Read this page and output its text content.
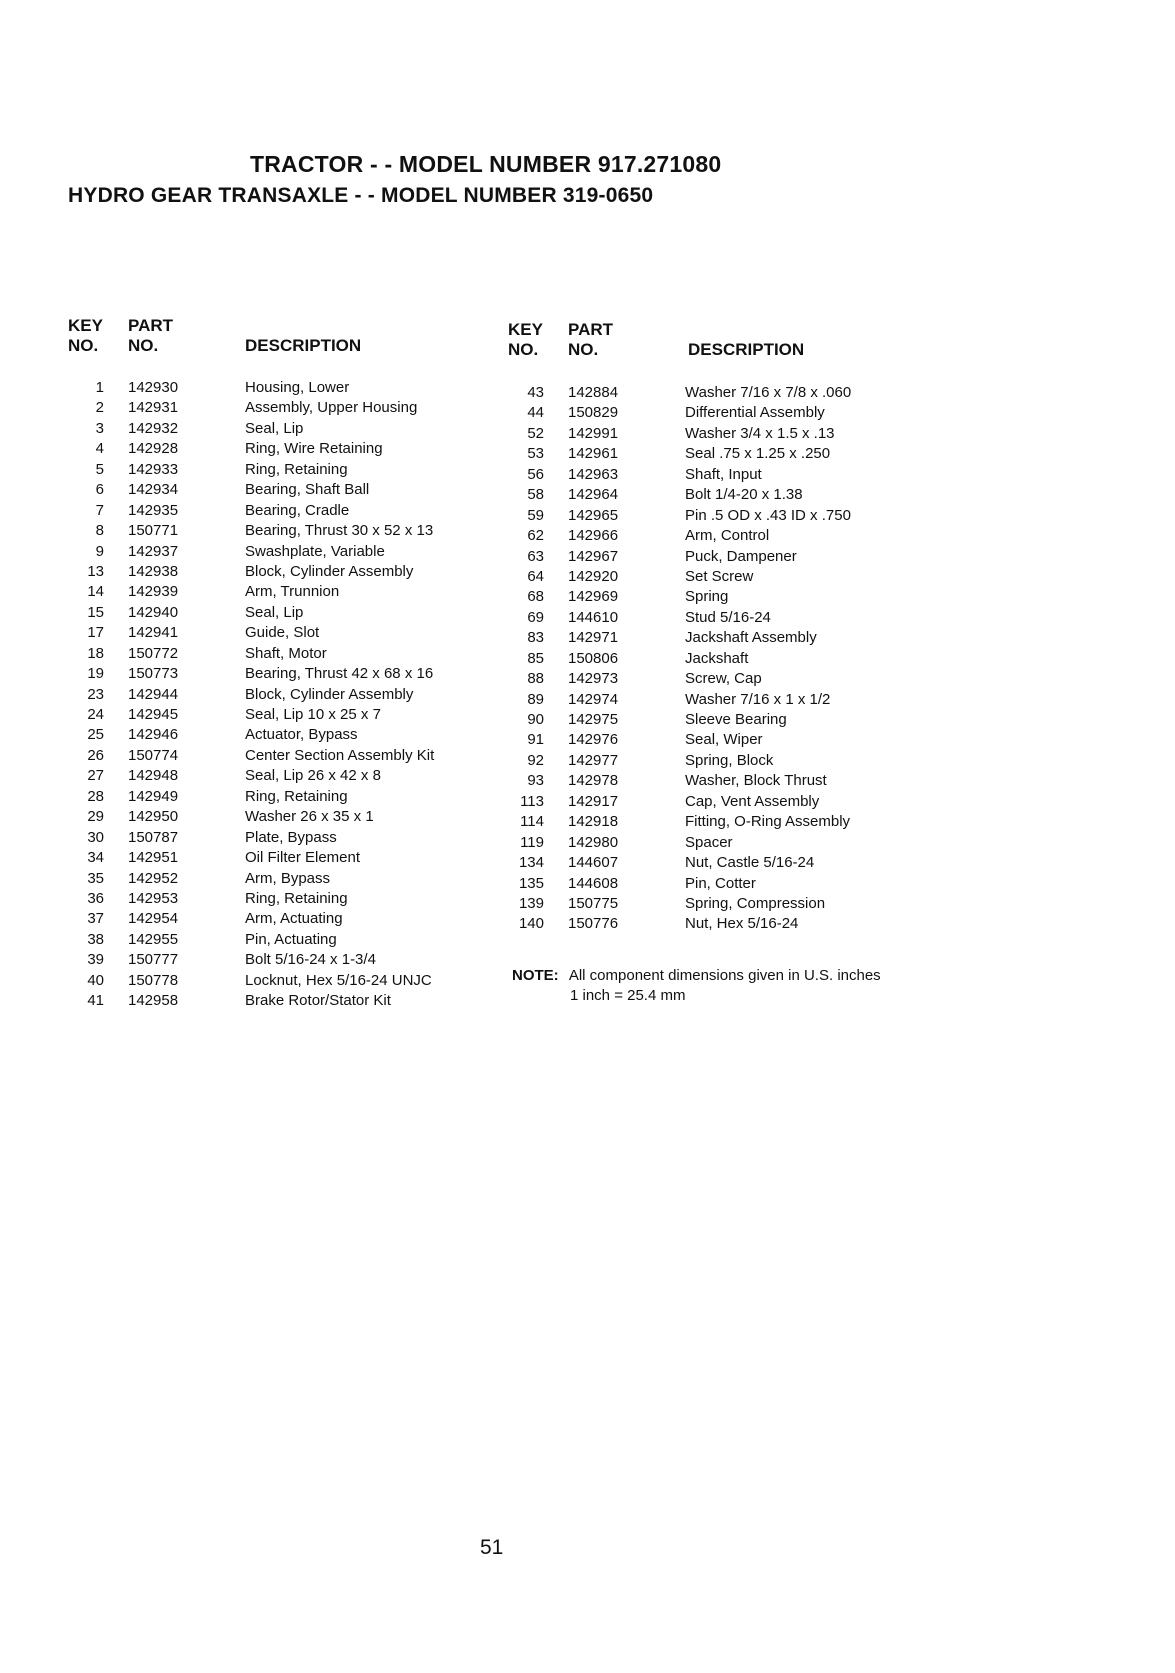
TRACTOR - - MODEL NUMBER 917.271080
HYDRO GEAR TRANSAXLE - - MODEL NUMBER 319-0650
KEY
NO.
PART
NO.	DESCRIPTION
KEY
NO.
PART
NO.	DESCRIPTION
1 142930	Housing, Lower
2 142931	Assembly, Upper Housing
3 142932	Seal, Lip
4 142928	Ring, Wire Retaining
5 142933	Ring, Retaining
6 142934	Bearing, Shaft Ball
7 142935	Bearing, Cradle
8 150771	Bearing, Thrust 30 x 52 x 13
9 142937	Swashplate, Variable
13 142938	Block, Cylinder Assembly
14 142939	Arm, Trunnion
15 142940	Seal, Lip
17 142941	Guide, Slot
18 150772	Shaft, Motor
19 150773	Bearing, Thrust 42 x 68 x 16
23 142944	Block, Cylinder Assembly
24 142945	Seal, Lip 10 x 25 x 7
25 142946	Actuator, Bypass
26 150774	Center Section Assembly Kit
27 142948	Seal, Lip 26 x 42 x 8
28 142949	Ring, Retaining
29 142950	Washer 26 x 35 x 1
30 150787	Plate, Bypass
34 142951	Oil Filter Element
35 142952	Arm, Bypass
36 142953	Ring, Retaining
37 142954	Arm, Actuating
38 142955	Pin, Actuating
39 150777	Bolt 5/16-24 x 1-3/4
40 150778	Locknut, Hex 5/16-24 UNJC
41 142958	Brake Rotor/Stator Kit
43 142884	Washer 7/16 x 7/8 x .060
44 150829	Differential Assembly
52 142991	Washer 3/4 x 1.5 x .13
53 142961	Seal .75 x 1.25 x .250
56 142963	Shaft, Input
58 142964	Bolt 1/4-20 x 1.38
59 142965	Pin .5 OD x .43 ID x .750
62 142966	Arm, Control
63 142967	Puck, Dampener
64 142920	Set Screw
68 142969	Spring
69 144610	Stud 5/16-24
83 142971	Jackshaft Assembly
85 150806	Jackshaft
88 142973	Screw, Cap
89 142974	Washer 7/16 x 1 x 1/2
90 142975	Sleeve Bearing
91 142976	Seal, Wiper
92 142977	Spring, Block
93 142978	Washer, Block Thrust
113 142917	Cap, Vent Assembly
114 142918	Fitting, O-Ring Assembly
119 142980	Spacer
134 144607	Nut, Castle 5/16-24
135 144608	Pin, Cotter
139 150775	Spring, Compression
140 150776	Nut, Hex 5/16-24
NOTE: All component dimensions given in U.S. inches
1 inch = 25.4 mm
51
